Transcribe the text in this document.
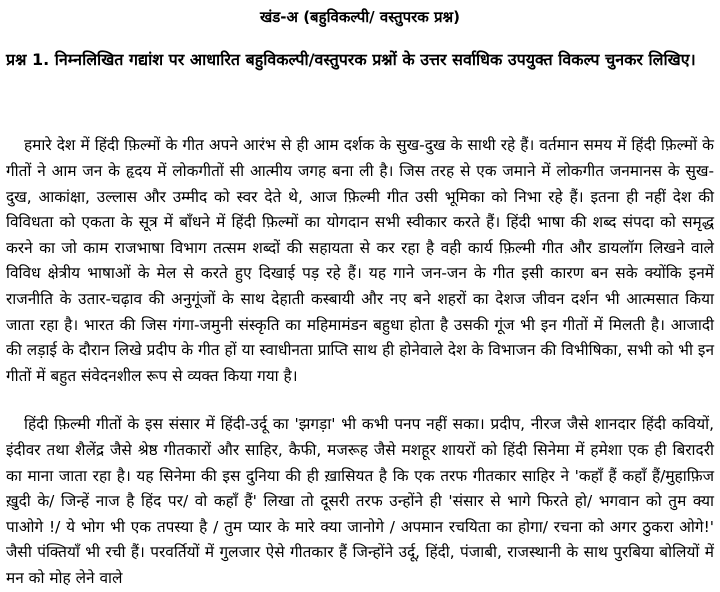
खंड-अ (बहुविकल्पी/ वस्तुपरक प्रश्न)
प्रश्न 1. निम्नलिखित गद्यांश पर आधारित बहुविकल्पी/वस्तुपरक प्रश्नों के उत्तर सर्वाधिक उपयुक्त विकल्प चुनकर लिखिए।

हमारे देश में हिंदी फ़िल्मों के गीत अपने आरंभ से ही आम दर्शक के सुख-दुख के साथी रहे हैं। वर्तमान समय में हिंदी फ़िल्मों के गीतों ने आम जन के हृदय में लोकगीतों सी आत्मीय जगह बना ली है। जिस तरह से एक जमाने में लोकगीत जनमानस के सुख-दुख, आकांक्षा, उल्लास और उम्मीद को स्वर देते थे, आज फ़िल्मी गीत उसी भूमिका को निभा रहे हैं। इतना ही नहीं देश की विविधता को एकता के सूत्र में बाँधने में हिंदी फ़िल्मों का योगदान सभी स्वीकार करते हैं। हिंदी भाषा की शब्द संपदा को समृद्ध करने का जो काम राजभाषा विभाग तत्सम शब्दों की सहायता से कर रहा है वही कार्य फ़िल्मी गीत और डायलॉग लिखने वाले विविध क्षेत्रीय भाषाओं के मेल से करते हुए दिखाई पड़ रहे हैं। यह गाने जन-जन के गीत इसी कारण बन सके क्योंकि इनमें राजनीति के उतार-चढ़ाव की अनुगूंजों के साथ देहाती कस्बायी और नए बने शहरों का देशज जीवन दर्शन भी आत्मसात किया जाता रहा है। भारत की जिस गंगा-जमुनी संस्कृति का महिमामंडन बहुधा होता है उसकी गूंज भी इन गीतों में मिलती है। आजादी की लड़ाई के दौरान लिखे प्रदीप के गीत हों या स्वाधीनता प्राप्ति साथ ही होनेवाले देश के विभाजन की विभीषिका, सभी को भी इन गीतों में बहुत संवेदनशील रूप से व्यक्त किया गया है।

हिंदी फ़िल्मी गीतों के इस संसार में हिंदी-उर्दू का 'झगड़ा' भी कभी पनप नहीं सका। प्रदीप, नीरज जैसे शानदार हिंदी कवियों, इंदीवर तथा शैलेंद्र जैसे श्रेष्ठ गीतकारों और साहिर, कैफी, मजरूह जैसे मशहूर शायरों को हिंदी सिनेमा में हमेशा एक ही बिरादरी का माना जाता रहा है। यह सिनेमा की इस दुनिया की ही ख़ासियत है कि एक तरफ गीतकार साहिर ने 'कहाँ हैं कहाँ हैं/मुहाफ़िज ख़ुदी के/ जिन्हें नाज है हिंद पर/ वो कहाँ हैं' लिखा तो दूसरी तरफ उन्होंने ही 'संसार से भागे फिरते हो/ भगवान को तुम क्या पाओगे !/ ये भोग भी एक तपस्या है / तुम प्यार के मारे क्या जानोगे / अपमान रचयिता का होगा/ रचना को अगर ठुकरा ओगे!' जैसी पंक्तियाँ भी रची हैं। परवर्तियों में गुलजार ऐसे गीतकार हैं जिन्होंने उर्दू, हिंदी, पंजाबी, राजस्थानी के साथ पुरबिया बोलियों में मन को मोह लेने वाले
